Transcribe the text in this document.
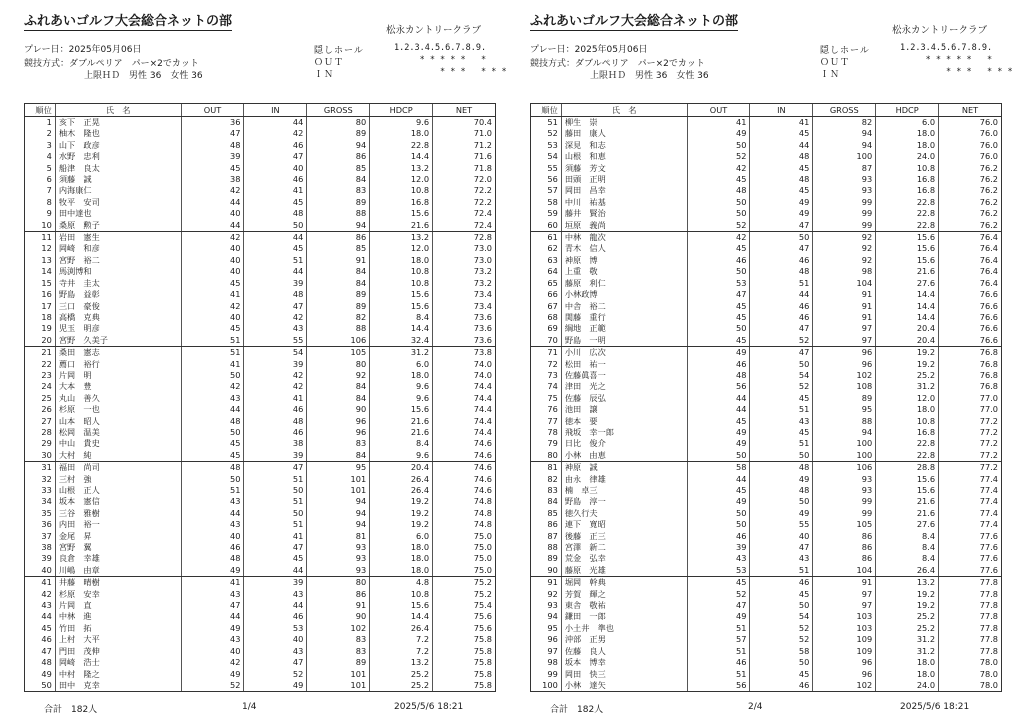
ふれあいゴルフ大会総合ネットの部
松永カントリークラブ
プレー日：2025年05月06日
競技方式：ダブルペリア　パー×2でカット
上限ＨＤ　男性 36　女性 36
隠しホール	1.2.3.4.5.6.7.8.9.
ＯＵＴ	* * * * *   *
ＩＮ	* * *   * * *
順位	氏　名	OUT	IN	GROSS	HDCP	NET
1	亥下　正晃	36	44	80	9.6	70.4
2	柚木　隆也	47	42	89	18.0	71.0
3	山下　政彦	48	46	94	22.8	71.2
4	水野　忠利	39	47	86	14.4	71.6
5	船津　良太	45	40	85	13.2	71.8
6	須藤　誠	38	46	84	12.0	72.0
7	内海康仁	42	41	83	10.8	72.2
8	牧平　安司	44	45	89	16.8	72.2
9	田中達也	40	48	88	15.6	72.4
10	桑原　勲子	44	50	94	21.6	72.4
11	岩田　憲生	42	44	86	13.2	72.8
12	岡崎　和彦	40	45	85	12.0	73.0
13	宮野　裕二	40	51	91	18.0	73.0
14	馬渕博和	40	44	84	10.8	73.2
15	寺井　圭太	45	39	84	10.8	73.2
16	野島　益彰	41	48	89	15.6	73.4
17	三口　豪俊	42	47	89	15.6	73.4
18	高橋　克典	40	42	82	8.4	73.6
19	児玉　明彦	45	43	88	14.4	73.6
20	宮野　久美子	51	55	106	32.4	73.6
21	桑田　憲志	51	54	105	31.2	73.8
22	薦口　裕行	41	39	80	6.0	74.0
23	片岡　明	50	42	92	18.0	74.0
24	大本　豊	42	42	84	9.6	74.4
25	丸山　善久	43	41	84	9.6	74.4
26	杉原　一也	44	46	90	15.6	74.4
27	山本　昭人	48	48	96	21.6	74.4
28	松岡　温美	50	46	96	21.6	74.4
29	中山　貴史	45	38	83	8.4	74.6
30	大村　純	45	39	84	9.6	74.6
31	福田　尚司	48	47	95	20.4	74.6
32	三村　強	50	51	101	26.4	74.6
33	山根　正人	51	50	101	26.4	74.6
34	坂本　憲信	43	51	94	19.2	74.8
35	三谷　雅樹	44	50	94	19.2	74.8
36	内田　裕一	43	51	94	19.2	74.8
37	金尾　昇	40	41	81	6.0	75.0
38	宮野　翼	46	47	93	18.0	75.0
39	良倉　幸雄	48	45	93	18.0	75.0
40	川嶋　由章	49	44	93	18.0	75.0
41	井藤　晴樹	41	39	80	4.8	75.2
42	杉原　安幸	43	43	86	10.8	75.2
43	片岡　直	47	44	91	15.6	75.4
44	中林　進	44	46	90	14.4	75.6
45	竹田　拓	49	53	102	26.4	75.6
46	上村　大平	43	40	83	7.2	75.8
47	門田　茂伸	40	43	83	7.2	75.8
48	岡崎　浩士	42	47	89	13.2	75.8
49	中村　隆之	49	52	101	25.2	75.8
50	田中　克幸	52	49	101	25.2	75.8
合計　182人	1/4	2025/5/6 18:21
ふれあいゴルフ大会総合ネットの部
松永カントリークラブ
プレー日：2025年05月06日
競技方式：ダブルペリア　パー×2でカット
上限ＨＤ　男性 36　女性 36
隠しホール	1.2.3.4.5.6.7.8.9.
ＯＵＴ	* * * * *   *
ＩＮ	* * *   * * *
順位	氏　名	OUT	IN	GROSS	HDCP	NET
51	柳生　崇	41	41	82	6.0	76.0
52	藤田　康人	49	45	94	18.0	76.0
53	深見　和志	50	44	94	18.0	76.0
54	山根　和恵	52	48	100	24.0	76.0
55	須藤　芳文	42	45	87	10.8	76.2
56	田頭　正明	45	48	93	16.8	76.2
57	岡田　昌幸	48	45	93	16.8	76.2
58	中川　祐基	50	49	99	22.8	76.2
59	藤井　賢治	50	49	99	22.8	76.2
60	垣原　義尚	52	47	99	22.8	76.2
61	中林　龍次	42	50	92	15.6	76.4
62	青木　信人	45	47	92	15.6	76.4
63	神原　博	46	46	92	15.6	76.4
64	上重　敬	50	48	98	21.6	76.4
65	藤原　利仁	53	51	104	27.6	76.4
66	小林政博	47	44	91	14.4	76.6
67	中舎　裕二	45	46	91	14.4	76.6
68	関藤　重行	45	46	91	14.4	76.6
69	綱地　正範	50	47	97	20.4	76.6
70	野島　一明	45	52	97	20.4	76.6
71	小川　広次	49	47	96	19.2	76.8
72	松田　祐一	46	50	96	19.2	76.8
73	佐藤眞喜一	48	54	102	25.2	76.8
74	津田　光之	56	52	108	31.2	76.8
75	佐藤　辰弘	44	45	89	12.0	77.0
76	池田　譲	44	51	95	18.0	77.0
77	徳本　要	45	43	88	10.8	77.2
78	飛坂　幸一郎	49	45	94	16.8	77.2
79	日比　俊介	49	51	100	22.8	77.2
80	小林　由恵	50	50	100	22.8	77.2
81	神原　誠	58	48	106	28.8	77.2
82	由永　律雄	44	49	93	15.6	77.4
83	楠　卓三	45	48	93	15.6	77.4
84	野島　淳一	49	50	99	21.6	77.4
85	徳久行夫	50	49	99	21.6	77.4
86	連下　寛昭	50	55	105	27.6	77.4
87	後藤　正三	46	40	86	8.4	77.6
88	宮澤　新二	39	47	86	8.4	77.6
89	荒金　弘幸	43	43	86	8.4	77.6
90	藤原　光雄	53	51	104	26.4	77.6
91	堀岡　幹典	45	46	91	13.2	77.8
92	芳賀　輝之	52	45	97	19.2	77.8
93	東舎　敬祐	47	50	97	19.2	77.8
94	鎌田　一郎	49	54	103	25.2	77.8
95	小土井　準也	51	52	103	25.2	77.8
96	沖部　正男	57	52	109	31.2	77.8
97	佐藤　良人	51	58	109	31.2	77.8
98	坂本　博幸	46	50	96	18.0	78.0
99	岡田　快三	51	45	96	18.0	78.0
100	小林　達矢	56	46	102	24.0	78.0
合計　182人	2/4	2025/5/6 18:21
